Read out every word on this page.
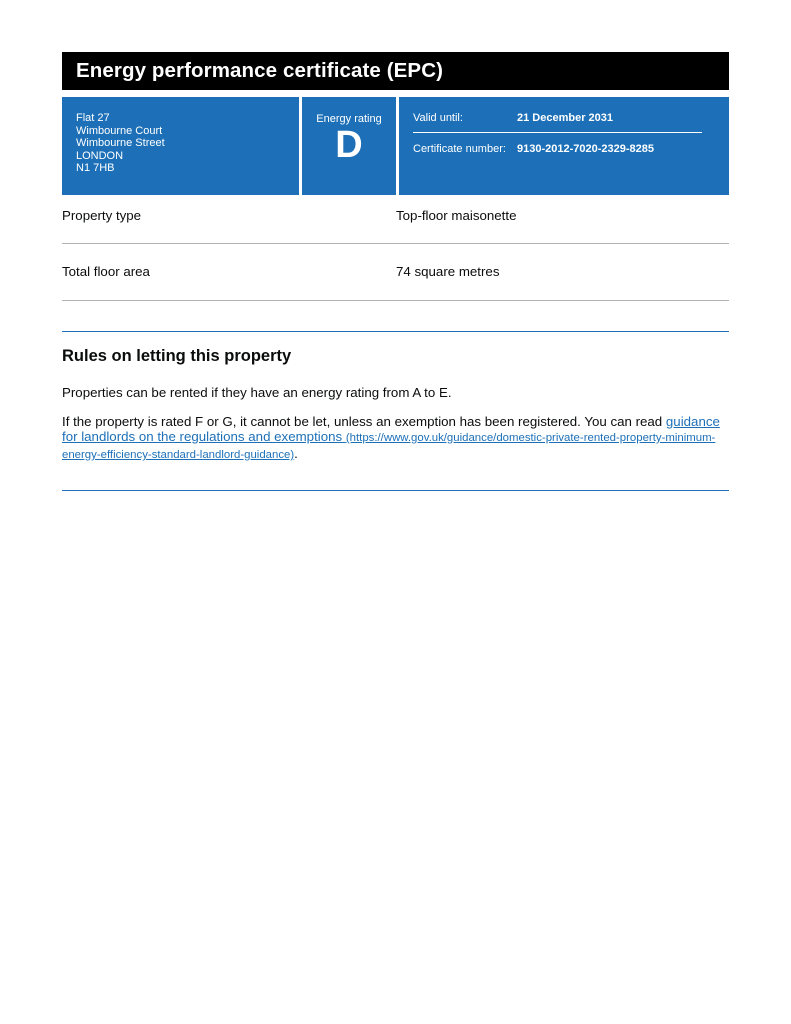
Energy performance certificate (EPC)
Flat 27
Wimbourne Court
Wimbourne Street
LONDON
N1 7HB
Energy rating
D
Valid until:	21 December 2031
Certificate number:	9130-2012-7020-2329-8285
Property type	Top-floor maisonette
Total floor area	74 square metres
Rules on letting this property

Properties can be rented if they have an energy rating from A to E.

If the property is rated F or G, it cannot be let, unless an exemption has been registered. You can read guidance for landlords on the regulations and exemptions (https://www.gov.uk/guidance/domestic-private-rented-property-minimum-energy-efficiency-standard-landlord-guidance).
